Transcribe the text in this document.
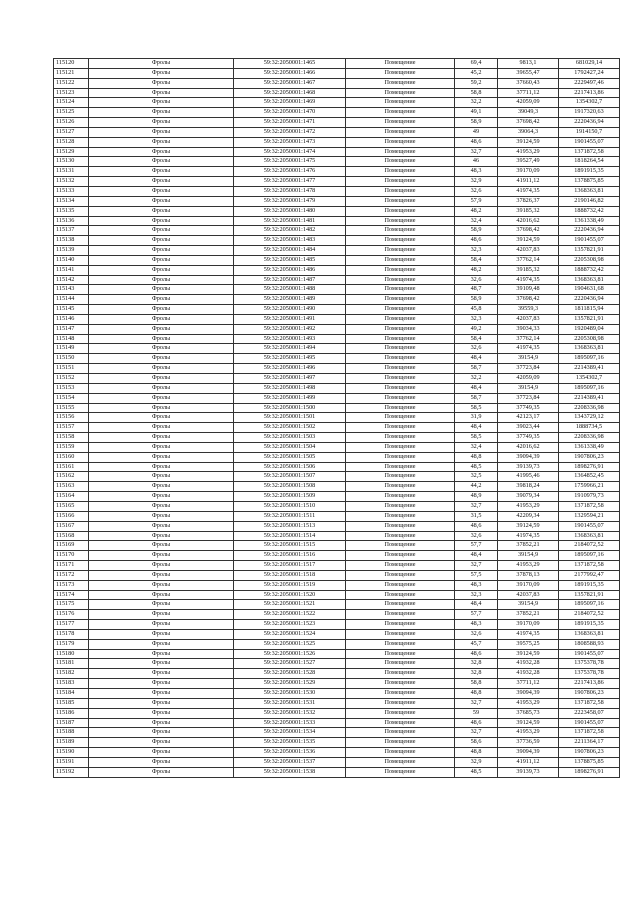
115120	Фролы	59:32:2050001:1465	Помещение	69,4	9813,1	681029,14
115121	Фролы	59:32:2050001:1466	Помещение	45,2	39655,47	1792427,24
115122	Фролы	59:32:2050001:1467	Помещение	59,2	37660,43	2229497,46
115123	Фролы	59:32:2050001:1468	Помещение	58,8	37711,12	2217413,86
115124	Фролы	59:32:2050001:1469	Помещение	32,2	42059,09	1354302,7
115125	Фролы	59:32:2050001:1470	Помещение	49,1	39049,3	1917320,63
115126	Фролы	59:32:2050001:1471	Помещение	58,9	37698,42	2220436,94
115127	Фролы	59:32:2050001:1472	Помещение	49	39064,3	1914150,7
115128	Фролы	59:32:2050001:1473	Помещение	48,6	39124,59	1901455,07
115129	Фролы	59:32:2050001:1474	Помещение	32,7	41953,29	1371872,58
115130	Фролы	59:32:2050001:1475	Помещение	46	39527,49	1818264,54
115131	Фролы	59:32:2050001:1476	Помещение	48,3	39170,09	1891915,35
115132	Фролы	59:32:2050001:1477	Помещение	32,9	41911,12	1378875,85
115133	Фролы	59:32:2050001:1478	Помещение	32,6	41974,35	1368363,81
115134	Фролы	59:32:2050001:1479	Помещение	57,9	37826,37	2190146,82
115135	Фролы	59:32:2050001:1480	Помещение	48,2	39185,32	1888732,42
115136	Фролы	59:32:2050001:1481	Помещение	32,4	42016,62	1361338,49
115137	Фролы	59:32:2050001:1482	Помещение	58,9	37698,42	2220436,94
115138	Фролы	59:32:2050001:1483	Помещение	48,6	39124,59	1901455,07
115139	Фролы	59:32:2050001:1484	Помещение	32,3	42037,83	1357821,91
115140	Фролы	59:32:2050001:1485	Помещение	58,4	37762,14	2205308,98
115141	Фролы	59:32:2050001:1486	Помещение	48,2	39185,32	1888732,42
115142	Фролы	59:32:2050001:1487	Помещение	32,6	41974,35	1368363,81
115143	Фролы	59:32:2050001:1488	Помещение	48,7	39109,48	1904631,68
115144	Фролы	59:32:2050001:1489	Помещение	58,9	37698,42	2220436,94
115145	Фролы	59:32:2050001:1490	Помещение	45,8	39559,3	1811815,94
115146	Фролы	59:32:2050001:1491	Помещение	32,3	42037,83	1357821,91
115147	Фролы	59:32:2050001:1492	Помещение	49,2	39034,33	1920489,04
115148	Фролы	59:32:2050001:1493	Помещение	58,4	37762,14	2205308,98
115149	Фролы	59:32:2050001:1494	Помещение	32,6	41974,35	1368363,81
115150	Фролы	59:32:2050001:1495	Помещение	48,4	39154,9	1895097,16
115151	Фролы	59:32:2050001:1496	Помещение	58,7	37723,84	2214389,41
115152	Фролы	59:32:2050001:1497	Помещение	32,2	42059,09	1354302,7
115153	Фролы	59:32:2050001:1498	Помещение	48,4	39154,9	1895097,16
115154	Фролы	59:32:2050001:1499	Помещение	58,7	37723,84	2214389,41
115155	Фролы	59:32:2050001:1500	Помещение	58,5	37749,35	2208336,98
115156	Фролы	59:32:2050001:1501	Помещение	31,9	42123,17	1343729,12
115157	Фролы	59:32:2050001:1502	Помещение	48,4	39023,44	1888734,5
115158	Фролы	59:32:2050001:1503	Помещение	58,5	37749,35	2208336,98
115159	Фролы	59:32:2050001:1504	Помещение	32,4	42016,62	1361338,49
115160	Фролы	59:32:2050001:1505	Помещение	48,8	39094,39	1907806,23
115161	Фролы	59:32:2050001:1506	Помещение	48,5	39139,73	1898276,91
115162	Фролы	59:32:2050001:1507	Помещение	32,5	41995,46	1364852,45
115163	Фролы	59:32:2050001:1508	Помещение	44,2	39818,24	1759966,21
115164	Фролы	59:32:2050001:1509	Помещение	48,9	39079,34	1910979,73
115165	Фролы	59:32:2050001:1510	Помещение	32,7	41953,29	1371872,58
115166	Фролы	59:32:2050001:1511	Помещение	31,5	42209,34	1329594,21
115167	Фролы	59:32:2050001:1513	Помещение	48,6	39124,59	1901455,07
115168	Фролы	59:32:2050001:1514	Помещение	32,6	41974,35	1368363,81
115169	Фролы	59:32:2050001:1515	Помещение	57,7	37852,21	2184072,52
115170	Фролы	59:32:2050001:1516	Помещение	48,4	39154,9	1895097,16
115171	Фролы	59:32:2050001:1517	Помещение	32,7	41953,29	1371872,58
115172	Фролы	59:32:2050001:1518	Помещение	57,5	37878,13	2177992,47
115173	Фролы	59:32:2050001:1519	Помещение	48,3	39170,09	1891915,35
115174	Фролы	59:32:2050001:1520	Помещение	32,3	42037,83	1357821,91
115175	Фролы	59:32:2050001:1521	Помещение	48,4	39154,9	1895097,16
115176	Фролы	59:32:2050001:1522	Помещение	57,7	37852,21	2184072,52
115177	Фролы	59:32:2050001:1523	Помещение	48,3	39170,09	1891915,35
115178	Фролы	59:32:2050001:1524	Помещение	32,6	41974,35	1368363,81
115179	Фролы	59:32:2050001:1525	Помещение	45,7	39575,25	1808588,93
115180	Фролы	59:32:2050001:1526	Помещение	48,6	39124,59	1901455,07
115181	Фролы	59:32:2050001:1527	Помещение	32,8	41932,28	1375378,78
115182	Фролы	59:32:2050001:1528	Помещение	32,8	41932,28	1375378,78
115183	Фролы	59:32:2050001:1529	Помещение	58,8	37711,12	2217413,86
115184	Фролы	59:32:2050001:1530	Помещение	48,8	39094,39	1907806,23
115185	Фролы	59:32:2050001:1531	Помещение	32,7	41953,29	1371872,58
115186	Фролы	59:32:2050001:1532	Помещение	59	37685,73	2223458,07
115187	Фролы	59:32:2050001:1533	Помещение	48,6	39124,59	1901455,07
115188	Фролы	59:32:2050001:1534	Помещение	32,7	41953,29	1371872,58
115189	Фролы	59:32:2050001:1535	Помещение	58,6	37736,59	2211364,17
115190	Фролы	59:32:2050001:1536	Помещение	48,8	39094,39	1907806,23
115191	Фролы	59:32:2050001:1537	Помещение	32,9	41911,12	1378875,85
115192	Фролы	59:32:2050001:1538	Помещение	48,5	39139,73	1898276,91
